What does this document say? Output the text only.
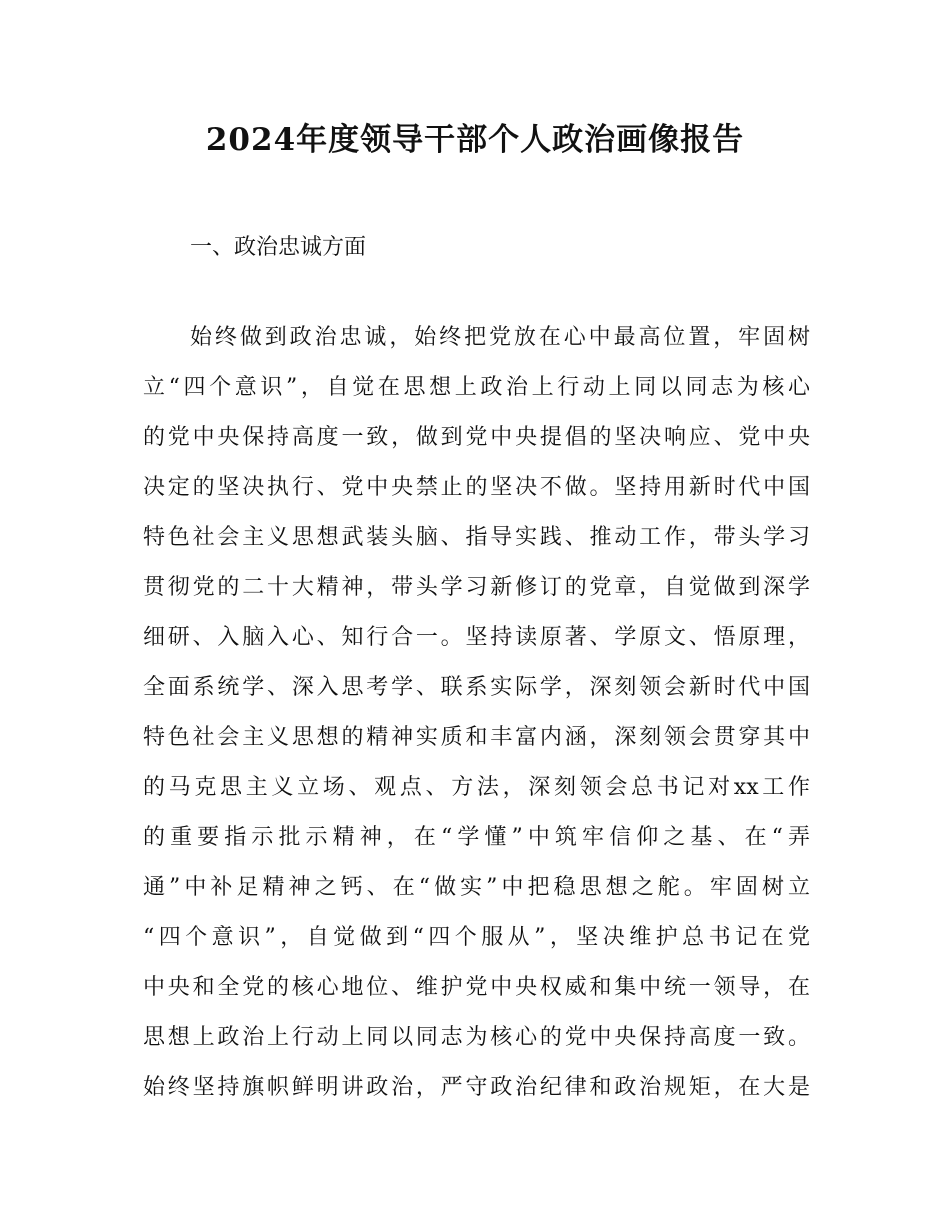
2024年度领导干部个人政治画像报告
一、政治忠诚方面
始终做到政治忠诚，始终把党放在心中最高位置，牢固树
立“四个意识”，自觉在思想上政治上行动上同以同志为核心
的党中央保持高度一致，做到党中央提倡的坚决响应、党中央
决定的坚决执行、党中央禁止的坚决不做。坚持用新时代中国
特色社会主义思想武装头脑、指导实践、推动工作，带头学习
贯彻党的二十大精神，带头学习新修订的党章，自觉做到深学
细研、入脑入心、知行合一。坚持读原著、学原文、悟原理，
全面系统学、深入思考学、联系实际学，深刻领会新时代中国
特色社会主义思想的精神实质和丰富内涵，深刻领会贯穿其中
的马克思主义立场、观点、方法，深刻领会总书记对xx工作
的重要指示批示精神，在“学懂”中筑牢信仰之基、在“弄
通”中补足精神之钙、在“做实”中把稳思想之舵。牢固树立
“四个意识”，自觉做到“四个服从”，坚决维护总书记在党
中央和全党的核心地位、维护党中央权威和集中统一领导，在
思想上政治上行动上同以同志为核心的党中央保持高度一致。
始终坚持旗帜鲜明讲政治，严守政治纪律和政治规矩，在大是
